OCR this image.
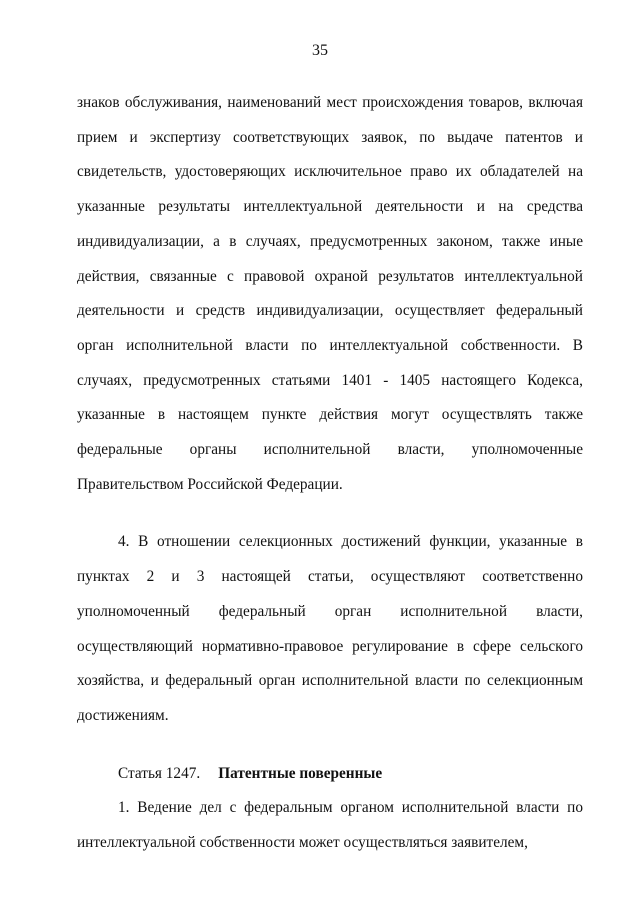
35

знаков обслуживания, наименований мест происхождения товаров, включая прием и экспертизу соответствующих заявок, по выдаче патентов и свидетельств, удостоверяющих исключительное право их обладателей на указанные результаты интеллектуальной деятельности и на средства индивидуализации, а в случаях, предусмотренных законом, также иные действия, связанные с правовой охраной результатов интеллектуальной деятельности и средств индивидуализации, осуществляет федеральный орган исполнительной власти по интеллектуальной собственности. В случаях, предусмотренных статьями 1401 - 1405 настоящего Кодекса, указанные в настоящем пункте действия могут осуществлять также федеральные органы исполнительной власти, уполномоченные Правительством Российской Федерации.

4. В отношении селекционных достижений функции, указанные в пунктах 2 и 3 настоящей статьи, осуществляют соответственно уполномоченный федеральный орган исполнительной власти, осуществляющий нормативно-правовое регулирование в сфере сельского хозяйства, и федеральный орган исполнительной власти по селекционным достижениям.

Статья 1247. Патентные поверенные

1. Ведение дел с федеральным органом исполнительной власти по интеллектуальной собственности может осуществляться заявителем,
